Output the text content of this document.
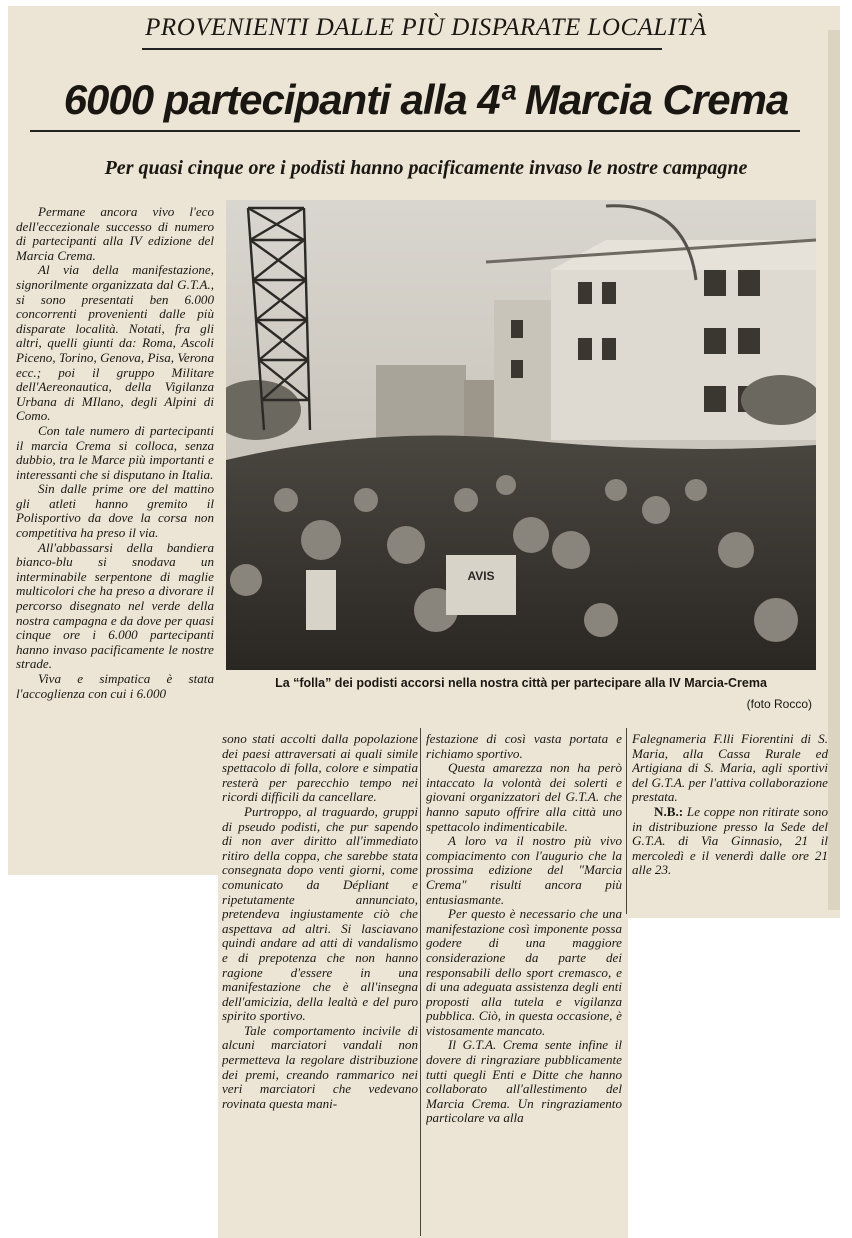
PROVENIENTI DALLE PIÙ DISPARATE LOCALITÀ
6000 partecipanti alla 4ª Marcia Crema
Per quasi cinque ore i podisti hanno pacificamente invaso le nostre campagne

Permane ancora vivo l'eco dell'eccezionale successo di numero di partecipanti alla IV edizione del Marcia Crema.

Al via della manifestazione, signorilmente organizzata dal G.T.A., si sono presentati ben 6.000 concorrenti provenienti dalle più disparate località. Notati, fra gli altri, quelli giunti da: Roma, Ascoli Piceno, Torino, Genova, Pisa, Verona ecc.; poi il gruppo Militare dell'Aereonautica, della Vigilanza Urbana di MIlano, degli Alpini di Como.

Con tale numero di partecipanti il marcia Crema si colloca, senza dubbio, tra le Marce più importanti e interessanti che si disputano in Italia.

Sin dalle prime ore del mattino gli atleti hanno gremito il Polisportivo da dove la corsa non competitiva ha preso il via.

All'abbassarsi della bandiera bianco-blu si snodava un interminabile serpentone di maglie multicolori che ha preso a divorare il percorso disegnato nel verde della nostra campagna e da dove per quasi cinque ore i 6.000 partecipanti hanno invaso pacificamente le nostre strade.

Viva e simpatica è stata l'accoglienza con cui i 6.000

AVIS
La “folla” dei podisti accorsi nella nostra città per partecipare alla IV Marcia-Crema
(foto Rocco)

sono stati accolti dalla popolazione dei paesi attraversati ai quali simile spettacolo di folla, colore e simpatia resterà per parecchio tempo nei ricordi difficili da cancellare.

Purtroppo, al traguardo, gruppi di pseudo podisti, che pur sapendo di non aver diritto all'immediato ritiro della coppa, che sarebbe stata consegnata dopo venti giorni, come comunicato da Dépliant e ripetutamente annunciato, pretendeva ingiustamente ciò che aspettava ad altri. Si lasciavano quindi andare ad atti di vandalismo e di prepotenza che non hanno ragione d'essere in una manifestazione che è all'insegna dell'amicizia, della lealtà e del puro spirito sportivo.

Tale comportamento incivile di alcuni marciatori vandali non permetteva la regolare distribuzione dei premi, creando rammarico nei veri marciatori che vedevano rovinata questa mani-

festazione di così vasta portata e richiamo sportivo.

Questa amarezza non ha però intaccato la volontà dei solerti e giovani organizzatori del G.T.A. che hanno saputo offrire alla città uno spettacolo indimenticabile.

A loro va il nostro più vivo compiacimento con l'augurio che la prossima edizione del "Marcia Crema" risulti ancora più entusiasmante.

Per questo è necessario che una manifestazione così imponente possa godere di una maggiore considerazione da parte dei responsabili dello sport cremasco, e di una adeguata assistenza degli enti proposti alla tutela e vigilanza pubblica. Ciò, in questa occasione, è vistosamente mancato.

Il G.T.A. Crema sente infine il dovere di ringraziare pubblicamente tutti quegli Enti e Ditte che hanno collaborato all'allestimento del Marcia Crema. Un ringraziamento particolare va alla

Falegnameria F.lli Fiorentini di S. Maria, alla Cassa Rurale ed Artigiana di S. Maria, agli sportivi del G.T.A. per l'attiva collaborazione prestata.

N.B.: Le coppe non ritirate sono in distribuzione presso la Sede del G.T.A. di Via Ginnasio, 21 il mercoledì e il venerdì dalle ore 21 alle 23.
